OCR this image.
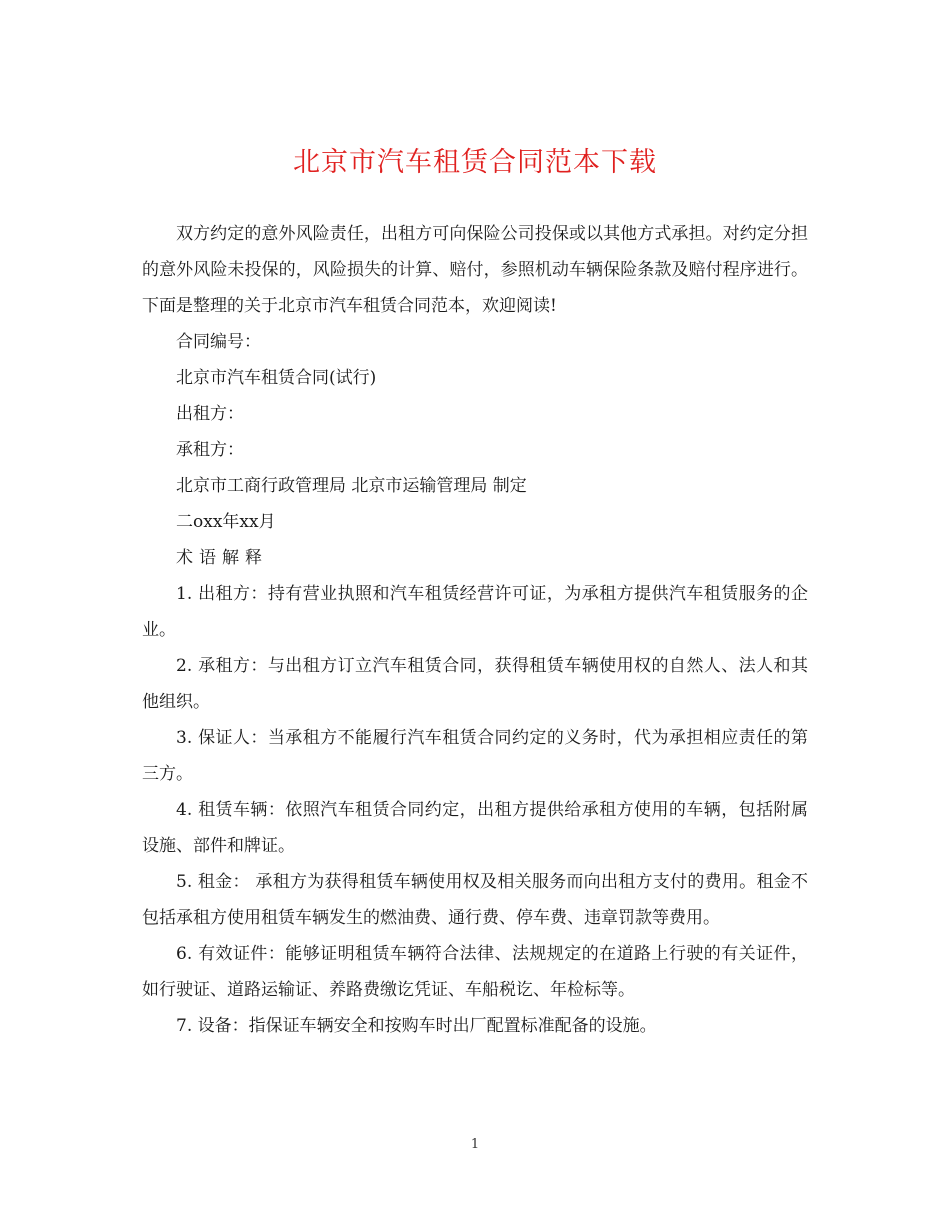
北京市汽车租赁合同范本下载

双方约定的意外风险责任，出租方可向保险公司投保或以其他方式承担。对约定分担的意外风险未投保的，风险损失的计算、赔付，参照机动车辆保险条款及赔付程序进行。下面是整理的关于北京市汽车租赁合同范本，欢迎阅读!

合同编号：

北京市汽车租赁合同(试行)

出租方：

承租方：

北京市工商行政管理局 北京市运输管理局 制定

二oxx年xx月

术语解释

1. 出租方：持有营业执照和汽车租赁经营许可证，为承租方提供汽车租赁服务的企业。

2. 承租方：与出租方订立汽车租赁合同，获得租赁车辆使用权的自然人、法人和其他组织。

3. 保证人：当承租方不能履行汽车租赁合同约定的义务时，代为承担相应责任的第三方。

4. 租赁车辆：依照汽车租赁合同约定，出租方提供给承租方使用的车辆，包括附属设施、部件和牌证。

5. 租金： 承租方为获得租赁车辆使用权及相关服务而向出租方支付的费用。租金不包括承租方使用租赁车辆发生的燃油费、通行费、停车费、违章罚款等费用。

6. 有效证件：能够证明租赁车辆符合法律、法规规定的在道路上行驶的有关证件，如行驶证、道路运输证、养路费缴讫凭证、车船税讫、年检标等。

7. 设备：指保证车辆安全和按购车时出厂配置标准配备的设施。

1
